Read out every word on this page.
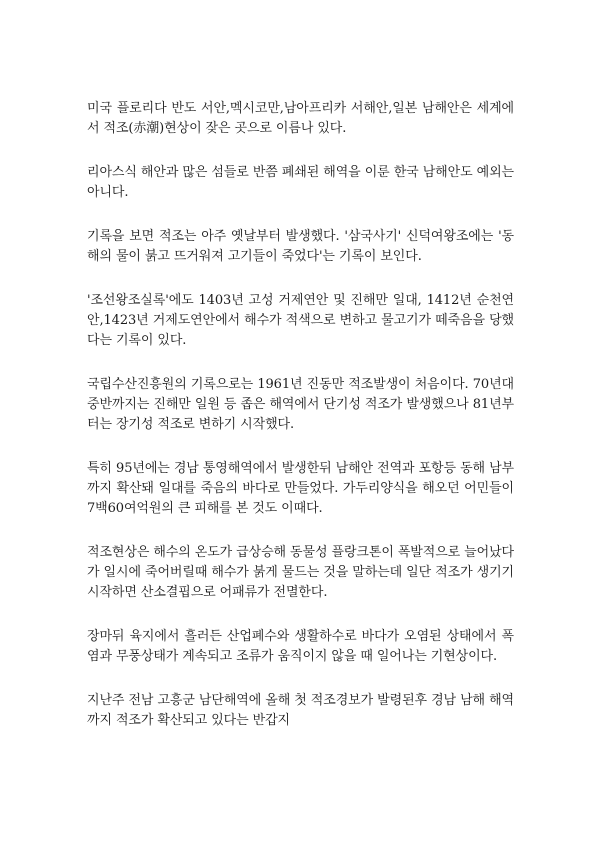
미국 플로리다 반도 서안,멕시코만,남아프리카 서해안,일본 남해안은 세계에서 적조(赤潮)현상이 잦은 곳으로 이름나 있다.

리아스식 해안과 많은 섬들로 반쯤 폐쇄된 해역을 이룬 한국 남해안도 예외는 아니다.

기록을 보면 적조는 아주 옛날부터 발생했다. '삼국사기' 신덕여왕조에는 '동해의 물이 붉고 뜨거워져 고기들이 죽었다'는 기록이 보인다.

'조선왕조실록'에도 1403년 고성 거제연안 및 진해만 일대, 1412년 순천연안,1423년 거제도연안에서 해수가 적색으로 변하고 물고기가 떼죽음을 당했다는 기록이 있다.

국립수산진흥원의 기록으로는 1961년 진동만 적조발생이 처음이다. 70년대 중반까지는 진해만 일원 등 좁은 해역에서 단기성 적조가 발생했으나 81년부터는 장기성 적조로 변하기 시작했다.

특히 95년에는 경남 통영해역에서 발생한뒤 남해안 전역과 포항등 동해 남부까지 확산돼 일대를 죽음의 바다로 만들었다. 가두리양식을 해오던 어민들이 7백60여억원의 큰 피해를 본 것도 이때다.

적조현상은 해수의 온도가 급상승해 동물성 플랑크톤이 폭발적으로 늘어났다가 일시에 죽어버릴때 해수가 붉게 물드는 것을 말하는데 일단 적조가 생기기 시작하면 산소결핍으로 어패류가 전멸한다.

장마뒤 육지에서 흘러든 산업폐수와 생활하수로 바다가 오염된 상태에서 폭염과 무풍상태가 계속되고 조류가 움직이지 않을 때 일어나는 기현상이다.

지난주 전남 고흥군 남단해역에 올해 첫 적조경보가 발령된후 경남 남해 해역까지 적조가 확산되고 있다는 반갑지
